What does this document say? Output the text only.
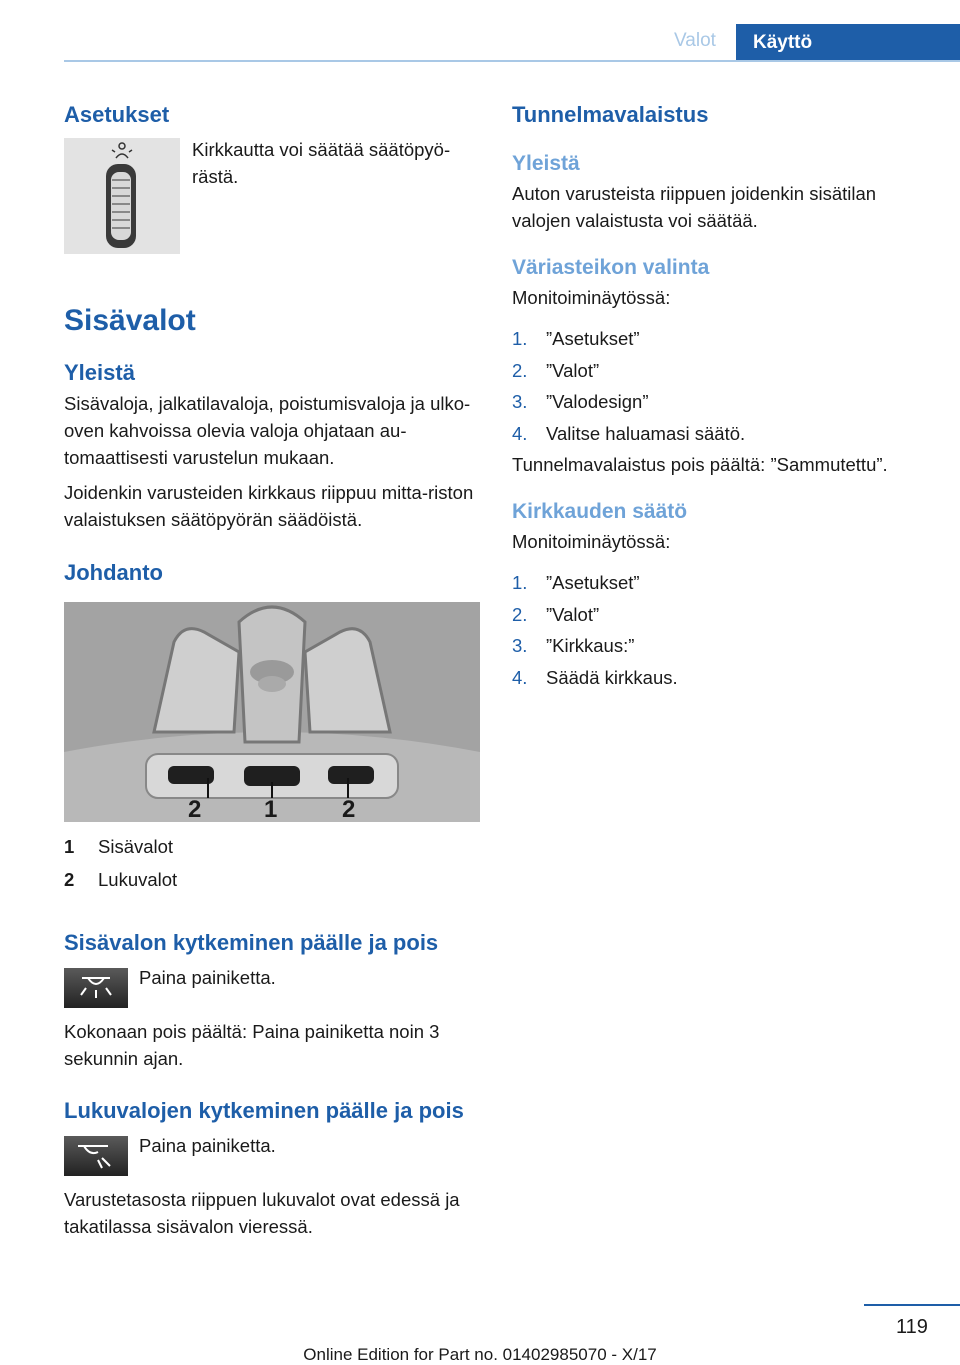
Valot	Käyttö
Asetukset
Kirkkautta voi säätää säätöpyörästä.
Sisävalot
Yleistä

Sisävaloja, jalkatilavaloja, poistumisvaloja ja ulko‐oven kahvoissa olevia valoja ohjataan au‐tomaattisesti varustelun mukaan.

Joidenkin varusteiden kirkkaus riippuu mitta‐riston valaistuksen säätöpyörän säädöistä.

Johdanto
2	1	2
1	Sisävalot
2	Lukuvalot
Sisävalon kytkeminen päälle ja pois
Paina painiketta.

Kokonaan pois päältä: Paina painiketta noin 3 sekunnin ajan.

Lukuvalojen kytkeminen päälle ja pois
Paina painiketta.

Varustetasosta riippuen lukuvalot ovat edessä ja takatilassa sisävalon vieressä.

Tunnelmavalaistus
Yleistä

Auton varusteista riippuen joidenkin sisätilan valojen valaistusta voi säätää.

Väriasteikon valinta

Monitoiminäytössä:

1.	”Asetukset”
2.	”Valot”
3.	”Valodesign”
4.	Valitse haluamasi säätö.

Tunnelmavalaistus pois päältä: ”Sammutettu”.

Kirkkauden säätö

Monitoiminäytössä:

1.	”Asetukset”
2.	”Valot”
3.	”Kirkkaus:”
4.	Säädä kirkkaus.
119
Online Edition for Part no. 01402985070 - X/17
